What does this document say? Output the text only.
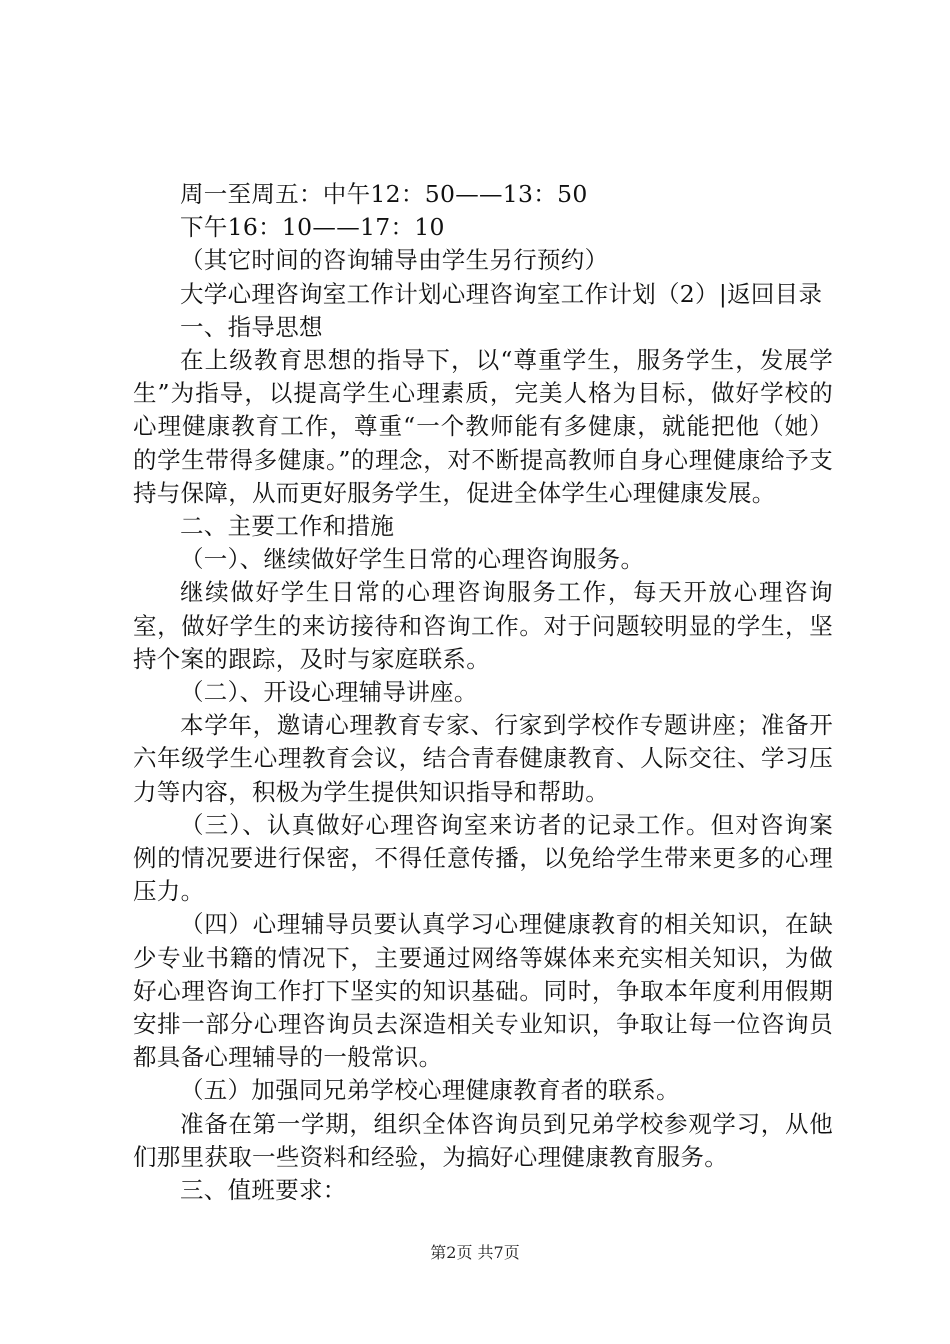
周一至周五：中午12：50——13：50

下午16：10——17：10

（其它时间的咨询辅导由学生另行预约）

大学心理咨询室工作计划心理咨询室工作计划（2）|返回目录

一、指导思想

在上级教育思想的指导下，以“尊重学生，服务学生，发展学生”为指导，以提高学生心理素质，完美人格为目标，做好学校的心理健康教育工作，尊重“一个教师能有多健康，就能把他（她）的学生带得多健康。”的理念，对不断提高教师自身心理健康给予支持与保障，从而更好服务学生，促进全体学生心理健康发展。

二、主要工作和措施

（一）、继续做好学生日常的心理咨询服务。

继续做好学生日常的心理咨询服务工作，每天开放心理咨询室，做好学生的来访接待和咨询工作。对于问题较明显的学生，坚持个案的跟踪，及时与家庭联系。

（二）、开设心理辅导讲座。

本学年，邀请心理教育专家、行家到学校作专题讲座；准备开六年级学生心理教育会议，结合青春健康教育、人际交往、学习压力等内容，积极为学生提供知识指导和帮助。

（三）、认真做好心理咨询室来访者的记录工作。但对咨询案例的情况要进行保密，不得任意传播，以免给学生带来更多的心理压力。

（四）心理辅导员要认真学习心理健康教育的相关知识，在缺少专业书籍的情况下，主要通过网络等媒体来充实相关知识，为做好心理咨询工作打下坚实的知识基础。同时，争取本年度利用假期安排一部分心理咨询员去深造相关专业知识，争取让每一位咨询员都具备心理辅导的一般常识。

（五）加强同兄弟学校心理健康教育者的联系。

准备在第一学期，组织全体咨询员到兄弟学校参观学习，从他们那里获取一些资料和经验，为搞好心理健康教育服务。

三、值班要求：

第2页 共7页
